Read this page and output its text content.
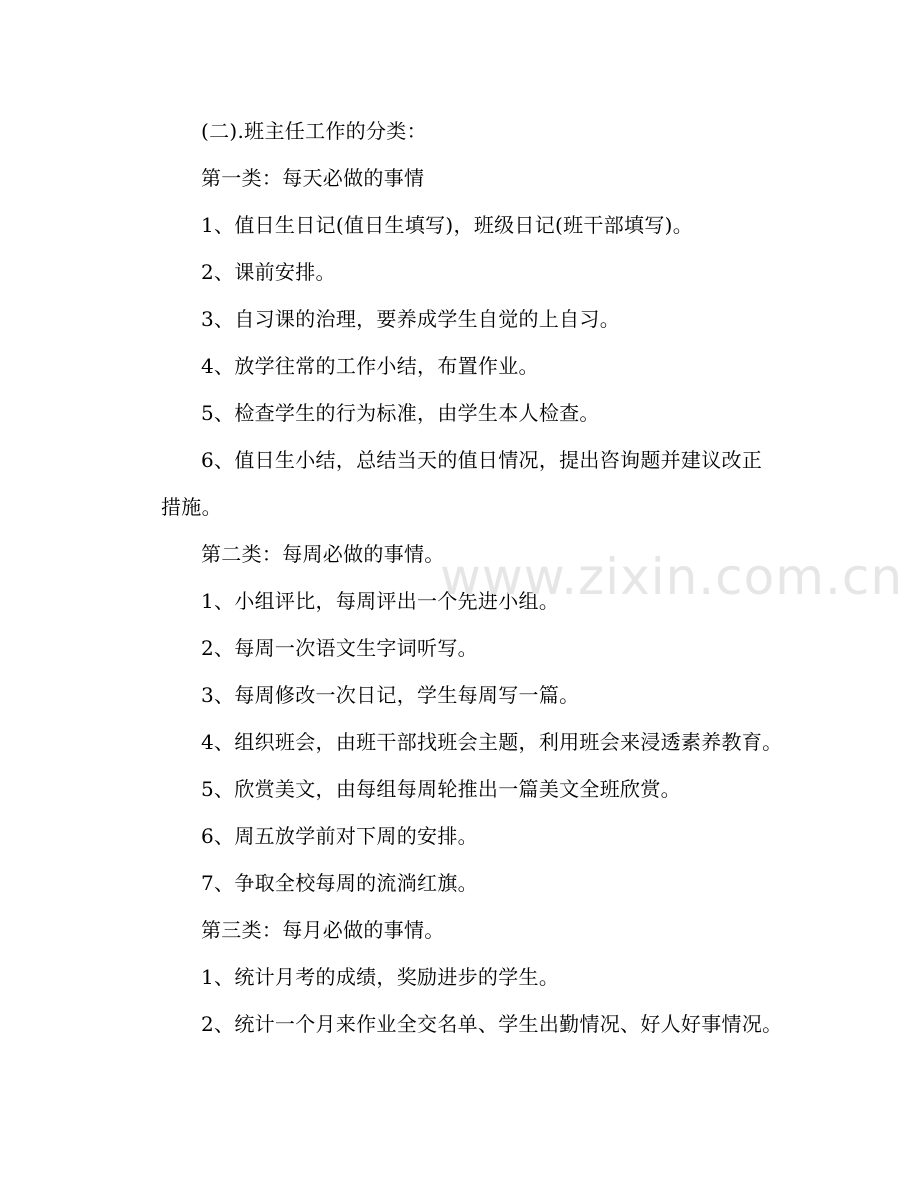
(二).班主任工作的分类：
第一类：每天必做的事情
1、值日生日记(值日生填写)，班级日记(班干部填写)。
2、课前安排。
3、自习课的治理，要养成学生自觉的上自习。
4、放学往常的工作小结，布置作业。
5、检查学生的行为标准，由学生本人检查。
6、值日生小结，总结当天的值日情况，提出咨询题并建议改正
措施。
第二类：每周必做的事情。
1、小组评比，每周评出一个先进小组。
2、每周一次语文生字词听写。
3、每周修改一次日记，学生每周写一篇。
4、组织班会，由班干部找班会主题，利用班会来浸透素养教育。
5、欣赏美文，由每组每周轮推出一篇美文全班欣赏。
6、周五放学前对下周的安排。
7、争取全校每周的流淌红旗。
第三类：每月必做的事情。
1、统计月考的成绩，奖励进步的学生。
2、统计一个月来作业全交名单、学生出勤情况、好人好事情况。
www.zixin.com.cn
